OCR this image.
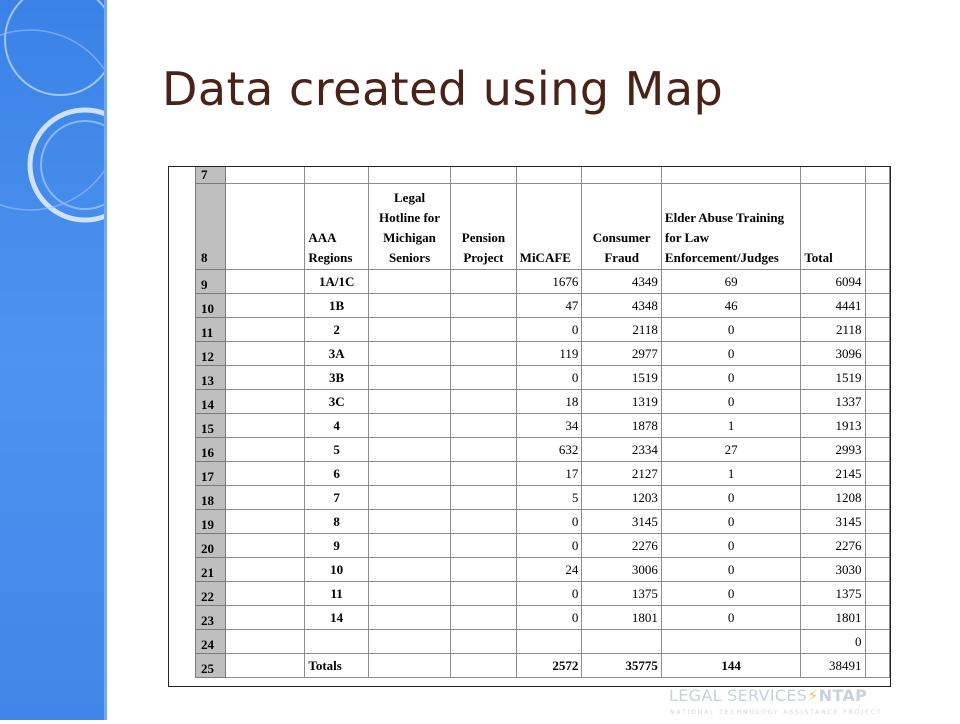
Data created using Map
7									
8		AAA Regions	Legal Hotline for Michigan Seniors	Pension Project	MiCAFE	Consumer Fraud	Elder Abuse Training for Law Enforcement/Judges	Total	
9		1A/1C			1676	4349	69	6094	
10		1B			47	4348	46	4441	
11		2			0	2118	0	2118	
12		3A			119	2977	0	3096	
13		3B			0	1519	0	1519	
14		3C			18	1319	0	1337	
15		4			34	1878	1	1913	
16		5			632	2334	27	2993	
17		6			17	2127	1	2145	
18		7			5	1203	0	1208	
19		8			0	3145	0	3145	
20		9			0	2276	0	2276	
21		10			24	3006	0	3030	
22		11			0	1375	0	1375	
23		14			0	1801	0	1801	
24								0	
25		Totals			2572	35775	144	38491	
LEGAL SERVICES⚡NTAP
NATIONAL TECHNOLOGY ASSISTANCE PROJECT
